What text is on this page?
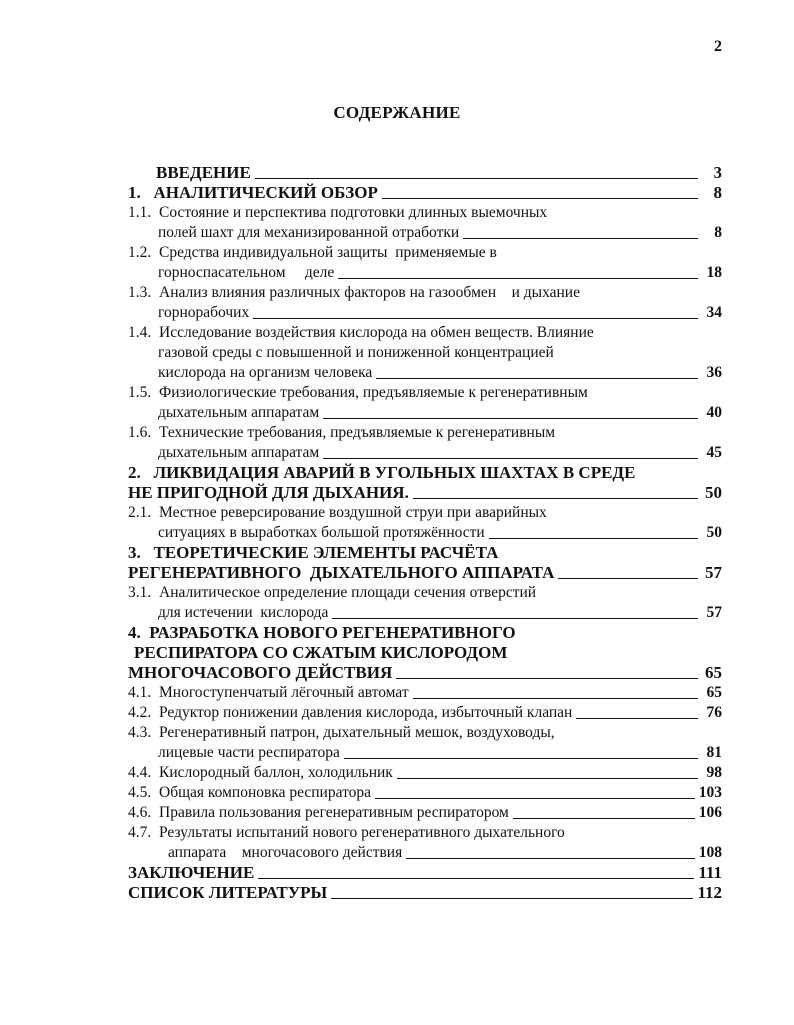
2
СОДЕРЖАНИЕ
ВВЕДЕНИЕ	3
1.   АНАЛИТИЧЕСКИЙ ОБЗОР	8
1.1.  Состояние и перспектива подготовки длинных выемочных
полей шахт для механизированной отработки	8
1.2.  Средства индивидуальной защиты  применяемые в
горноспасательном     деле	18
1.3.  Анализ влияния различных факторов на газообмен    и дыхание
горнорабочих	34
1.4.  Исследование воздействия кислорода на обмен веществ. Влияние
газовой среды с повышенной и пониженной концентрацией
кислорода на организм человека	36
1.5.  Физиологические требования, предъявляемые к регенеративным
дыхательным аппаратам	40
1.6.  Технические требования, предъявляемые к регенеративным
дыхательным аппаратам	45
2.   ЛИКВИДАЦИЯ АВАРИЙ В УГОЛЬНЫХ ШАХТАХ В СРЕДЕ
НЕ ПРИГОДНОЙ ДЛЯ ДЫХАНИЯ.	50
2.1.  Местное реверсирование воздушной струи при аварийных
ситуациях в выработках большой протяжённости	50
3.   ТЕОРЕТИЧЕСКИЕ ЭЛЕМЕНТЫ РАСЧЁТА
РЕГЕНЕРАТИВНОГО  ДЫХАТЕЛЬНОГО АППАРАТА	57
3.1.  Аналитическое определение площади сечения отверстий
для истечении  кислорода	57
4.  РАЗРАБОТКА НОВОГО РЕГЕНЕРАТИВНОГО
РЕСПИРАТОРА СО СЖАТЫМ КИСЛОРОДОМ
МНОГОЧАСОВОГО ДЕЙСТВИЯ	65
4.1.  Многоступенчатый лёгочный автомат	65
4.2.  Редуктор понижении давления кислорода, избыточный клапан	76
4.3.  Регенеративный патрон, дыхательный мешок, воздуховоды,
лицевые части респиратора	81
4.4.  Кислородный баллон, холодильник	98
4.5.  Общая компоновка респиратора	103
4.6.  Правила пользования регенеративным респиратором	106
4.7.  Результаты испытаний нового регенеративного дыхательного
аппарата    многочасового действия	108
ЗАКЛЮЧЕНИЕ	111
СПИСОК ЛИТЕРАТУРЫ	112
